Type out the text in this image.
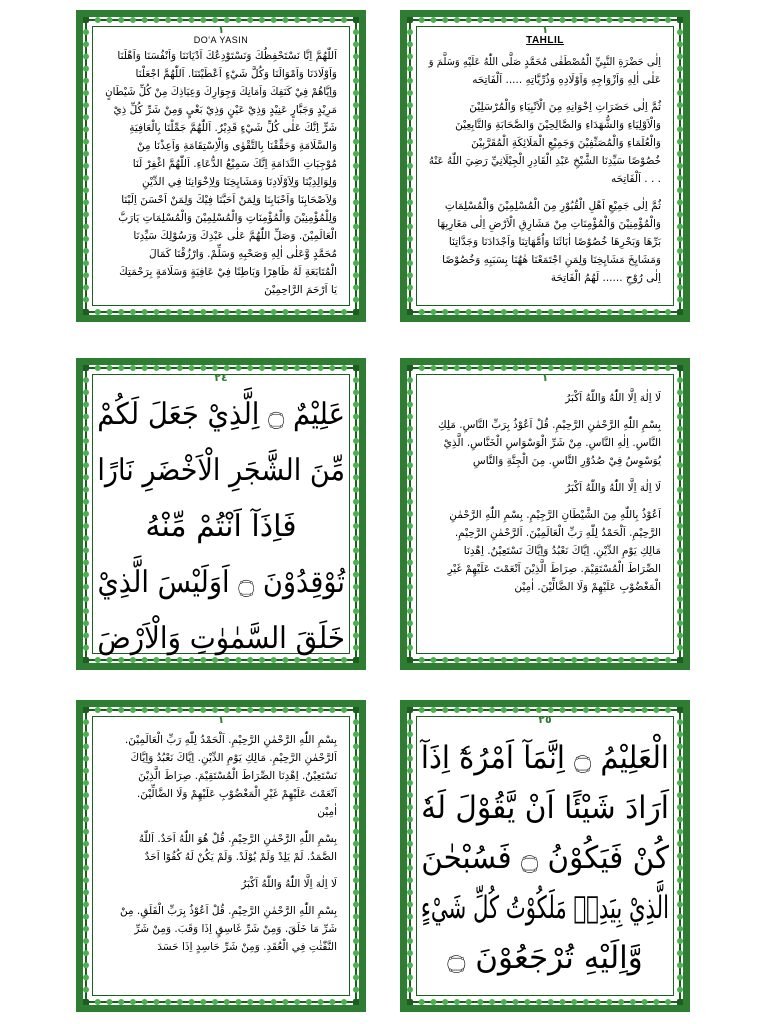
١
DO'A YASIN
اَللّٰهُمَّ اِنَّا نَسْتَحْفِظُكَ وَنَسْتَوْدِعُكَ اَدْيَانَنَا وَاَنْفُسَنَا وَاَهْلَنَا
وَاَوْلَادَنَا وَاَمْوَالَنَا وَكُلَّ شَيْءٍ اَعْطَيْتَنَا. اَللّٰهُمَّ اجْعَلْنَا
وَاِيَّاهُمْ فِيْ كَنَفِكَ وَاَمَانِكَ وَجِوَارِكَ وَعِيَاذِكَ مِنْ كُلِّ شَيْطَانٍ
مَرِيْدٍ وَجَبَّارٍ عَنِيْدٍ وَذِيْ عَيْنٍ وَذِيْ بَغْيٍ وَمِنْ شَرِّ كُلِّ ذِيْ
شَرٍّ اِنَّكَ عَلٰى كُلِّ شَيْءٍ قَدِيْرٌ. اَللّٰهُمَّ جَمِّلْنَا بِالْعَافِيَةِ
وَالسَّلَامَةِ وَحَقِّقْنَا بِالتَّقْوٰى وَالْاِسْتِقَامَةِ وَاَعِذْنَا مِنْ
مُوْجِبَاتِ النَّدَامَةِ اِنَّكَ سَمِيْعُ الدُّعَاءِ. اَللّٰهُمَّ اغْفِرْ لَنَا
وَلِوَالِدِيْنَا وَلِاَوْلَادِنَا وَمَشَايِخِنَا وَلِاِخْوَانِنَا فِي الدِّيْنِ
وَلِاَصْحَابِنَا وَاَحْبَابِنَا وَلِمَنْ اَحَبَّنَا فِيْكَ وَلِمَنْ اَحْسَنَ اِلَيْنَا
وَلِلْمُؤْمِنِيْنَ وَالْمُؤْمِنَاتِ وَالْمُسْلِمِيْنَ وَالْمُسْلِمَاتِ يَارَبَّ
الْعَالَمِيْنَ. وَصَلِّ اللّٰهُمَّ عَلٰى عَبْدِكَ وَرَسُوْلِكَ سَيِّدِنَا
مُحَمَّدٍ وَّعَلٰى اٰلِهِ وَصَحْبِهِ وَسَلِّمْ. وَارْزُقْنَا كَمَالَ
الْمُتَابَعَةِ لَهُ ظَاهِرًا وَبَاطِنًا فِيْ عَافِيَةٍ وَسَلَامَةٍ بِرَحْمَتِكَ
يَا اَرْحَمَ الرَّاحِمِيْنَ
١
TAHLIL
اِلٰى حَضْرَةِ النَّبِيِّ الْمُصْطَفٰى مُحَمَّدٍ صَلَّى اللّٰهُ عَلَيْهِ وَسَلَّمَ وَ
عَلٰى اٰلِهِ وَاَزْوَاجِهِ وَاَوْلَادِهِ وَذُرِّيَّاتِهِ ..... اَلْفَاتِحَه
ثُمَّ اِلٰى حَضَرَاتِ اِخْوَانِهِ مِنَ الْاَنْبِيَاءِ وَالْمُرْسَلِيْنَ
وَالْاَوْلِيَاءِ وَالشُّهَدَاءِ وَالصَّالِحِيْنَ وَالصَّحَابَةِ وَالتَّابِعِيْنَ
وَالْعُلَمَاءِ وَالْمُصَنِّفِيْنَ وَجَمِيْعِ الْمَلَائِكَةِ الْمُقَرَّبِيْنَ
خُصُوْصًا سَيِّدِنَا الشَّيْخِ عَبْدِ الْقَادِرِ الْجِيْلَانِيِّ رَضِيَ اللّٰهُ عَنْهُ
. . . اَلْفَاتِحَه
ثُمَّ اِلٰى جَمِيْعِ اَهْلِ الْقُبُوْرِ مِنَ الْمُسْلِمِيْنَ وَالْمُسْلِمَاتِ
وَالْمُؤْمِنِيْنَ وَالْمُؤْمِنَاتِ مِنْ مَشَارِقِ الْاَرْضِ اِلٰى مَغَارِبِهَا
بَرِّهَا وَبَحْرِهَا خُصُوْصًا اٰبَائَنَا وَاُمَّهَاتِنَا وَاَجْدَادَنَا وَجَدَّاتِنَا
وَمَشَايِخَ مَشَايِخِنَا وَلِمَنِ اجْتَمَعْنَا هٰهُنَا بِسَبَبِهِ وَخُصُوْصًا
اِلٰى رُوْحِ ...... لَهُمُ الْفَاتِحَة
٢٤
عَلِيْمٌ ۝ اِلَّذِيْ جَعَلَ لَكُمْ
مِّنَ الشَّجَرِ الْاَخْضَرِ نَارًا
فَاِذَآ اَنْتُمْ مِّنْهُ
تُوْقِدُوْنَ ۝ اَوَلَيْسَ الَّذِيْ
خَلَقَ السَّمٰوٰتِ وَالْاَرْضَ
١
لَا اِلٰهَ اِلَّا اللّٰهُ وَاللّٰهُ اَكْبَرُ
بِسْمِ اللّٰهِ الرَّحْمٰنِ الرَّحِيْمِ. قُلْ اَعُوْذُ بِرَبِّ النَّاسِ. مَلِكِ
النَّاسِ. اِلٰهِ النَّاسِ. مِنْ شَرِّ الْوَسْوَاسِ الْخَنَّاسِ. الَّذِيْ
يُوَسْوِسُ فِيْ صُدُوْرِ النَّاسِ. مِنَ الْجِنَّةِ وَالنَّاسِ
لَا اِلٰهَ اِلَّا اللّٰهُ وَاللّٰهُ اَكْبَرُ
اَعُوْذُ بِاللّٰهِ مِنَ الشَّيْطَانِ الرَّجِيْمِ. بِسْمِ اللّٰهِ الرَّحْمٰنِ
الرَّحِيْمِ. اَلْحَمْدُ لِلّٰهِ رَبِّ الْعَالَمِيْنَ. اَلرَّحْمٰنِ الرَّحِيْمِ.
مَالِكِ يَوْمِ الدِّيْنِ. اِيَّاكَ نَعْبُدُ وَاِيَّاكَ نَسْتَعِيْنُ. اِهْدِنَا
الصِّرَاطَ الْمُسْتَقِيْمَ. صِرَاطَ الَّذِيْنَ اَنْعَمْتَ عَلَيْهِمْ غَيْرِ
الْمَغْضُوْبِ عَلَيْهِمْ وَلَا الضَّالِّيْنَ. اٰمِيْن
١
بِسْمِ اللّٰهِ الرَّحْمٰنِ الرَّحِيْمِ. اَلْحَمْدُ لِلّٰهِ رَبِّ الْعَالَمِيْنَ.
اَلرَّحْمٰنِ الرَّحِيْمِ. مَالِكِ يَوْمِ الدِّيْنِ. اِيَّاكَ نَعْبُدُ وَاِيَّاكَ
نَسْتَعِيْنُ. اِهْدِنَا الصِّرَاطَ الْمُسْتَقِيْمَ. صِرَاطَ الَّذِيْنَ
اَنْعَمْتَ عَلَيْهِمْ غَيْرِ الْمَغْضُوْبِ عَلَيْهِمْ وَلَا الضَّالِّيْنَ.
اٰمِيْن
بِسْمِ اللّٰهِ الرَّحْمٰنِ الرَّحِيْمِ. قُلْ هُوَ اللّٰهُ اَحَدٌ. اَللّٰهُ
الصَّمَدُ. لَمْ يَلِدْ وَلَمْ يُوْلَدْ. وَلَمْ يَكُنْ لَهُ كُفُوًا اَحَدٌ
لَا اِلٰهَ اِلَّا اللّٰهُ وَاللّٰهُ اَكْبَرُ
بِسْمِ اللّٰهِ الرَّحْمٰنِ الرَّحِيْمِ. قُلْ اَعُوْذُ بِرَبِّ الْفَلَقِ. مِنْ
شَرِّ مَا خَلَقَ. وَمِنْ شَرِّ غَاسِقٍ اِذَا وَقَبَ. وَمِنْ شَرِّ
النَّفّٰثٰتِ فِي الْعُقَدِ. وَمِنْ شَرِّ حَاسِدٍ اِذَا حَسَدَ
٢٥
الْعَلِيْمُ ۝ اِنَّمَآ اَمْرُهٗٓ اِذَآ
اَرَادَ شَيْئًا اَنْ يَّقُوْلَ لَهٗ
كُنْ فَيَكُوْنُ ۝ فَسُبْحٰنَ
الَّذِيْ بِيَدِهٖ مَلَكُوْتُ كُلِّ شَيْءٍ
وَّاِلَيْهِ تُرْجَعُوْنَ ۝
